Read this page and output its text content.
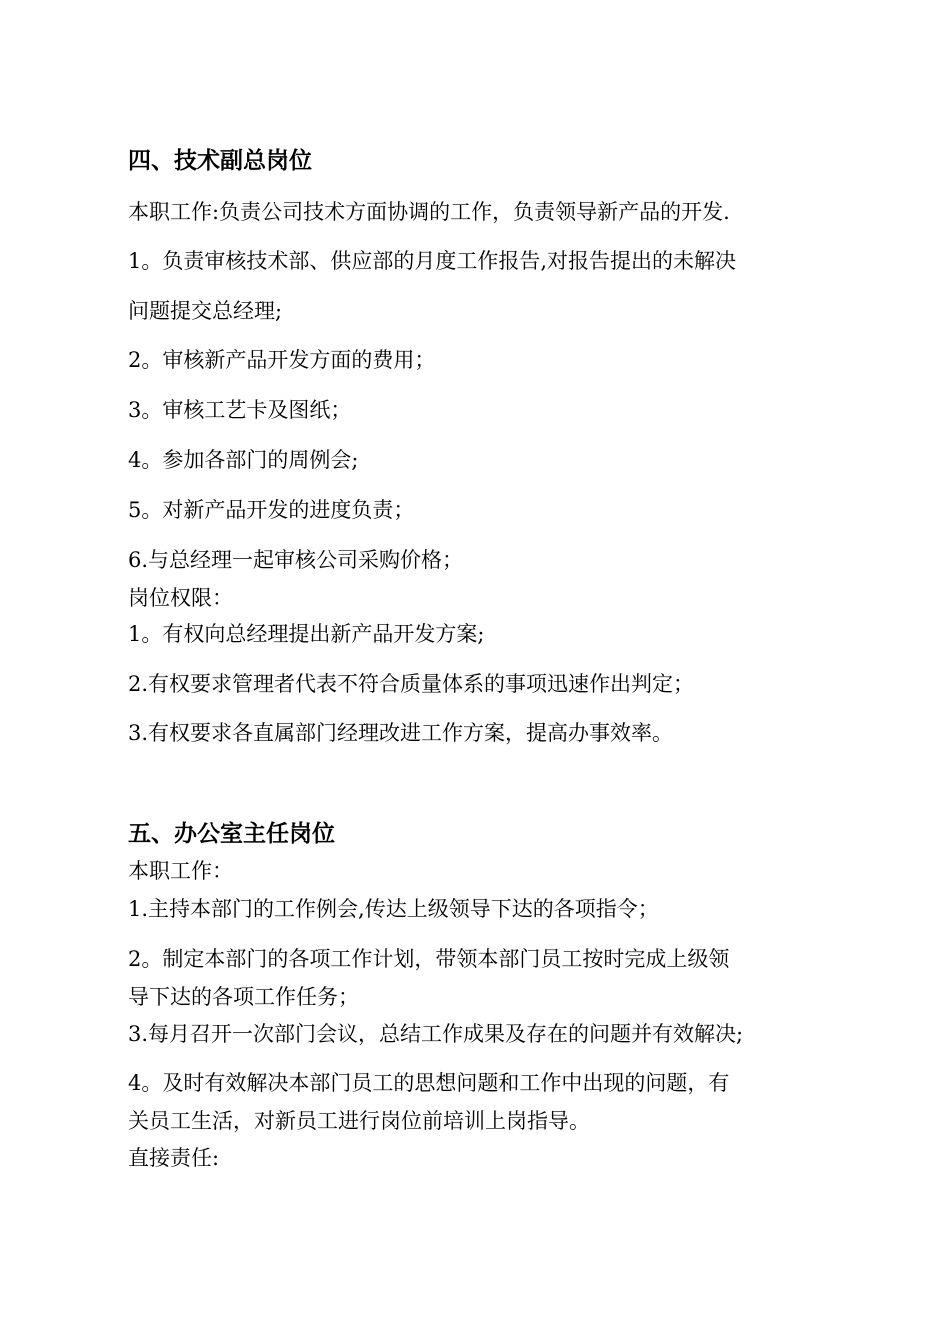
四、技术副总岗位

本职工作:负责公司技术方面协调的工作，负责领导新产品的开发.

1。负责审核技术部、供应部的月度工作报告,对报告提出的未解决

问题提交总经理;

2。审核新产品开发方面的费用；

3。审核工艺卡及图纸；

4。参加各部门的周例会;

5。对新产品开发的进度负责；

6.与总经理一起审核公司采购价格；

岗位权限：

1。有权向总经理提出新产品开发方案;

2.有权要求管理者代表不符合质量体系的事项迅速作出判定；

3.有权要求各直属部门经理改进工作方案，提高办事效率。

五、办公室主任岗位

本职工作：

1.主持本部门的工作例会,传达上级领导下达的各项指令；

2。制定本部门的各项工作计划，带领本部门员工按时完成上级领

导下达的各项工作任务；

3.每月召开一次部门会议，总结工作成果及存在的问题并有效解决;

4。及时有效解决本部门员工的思想问题和工作中出现的问题，有

关员工生活，对新员工进行岗位前培训上岗指导。

直接责任:
